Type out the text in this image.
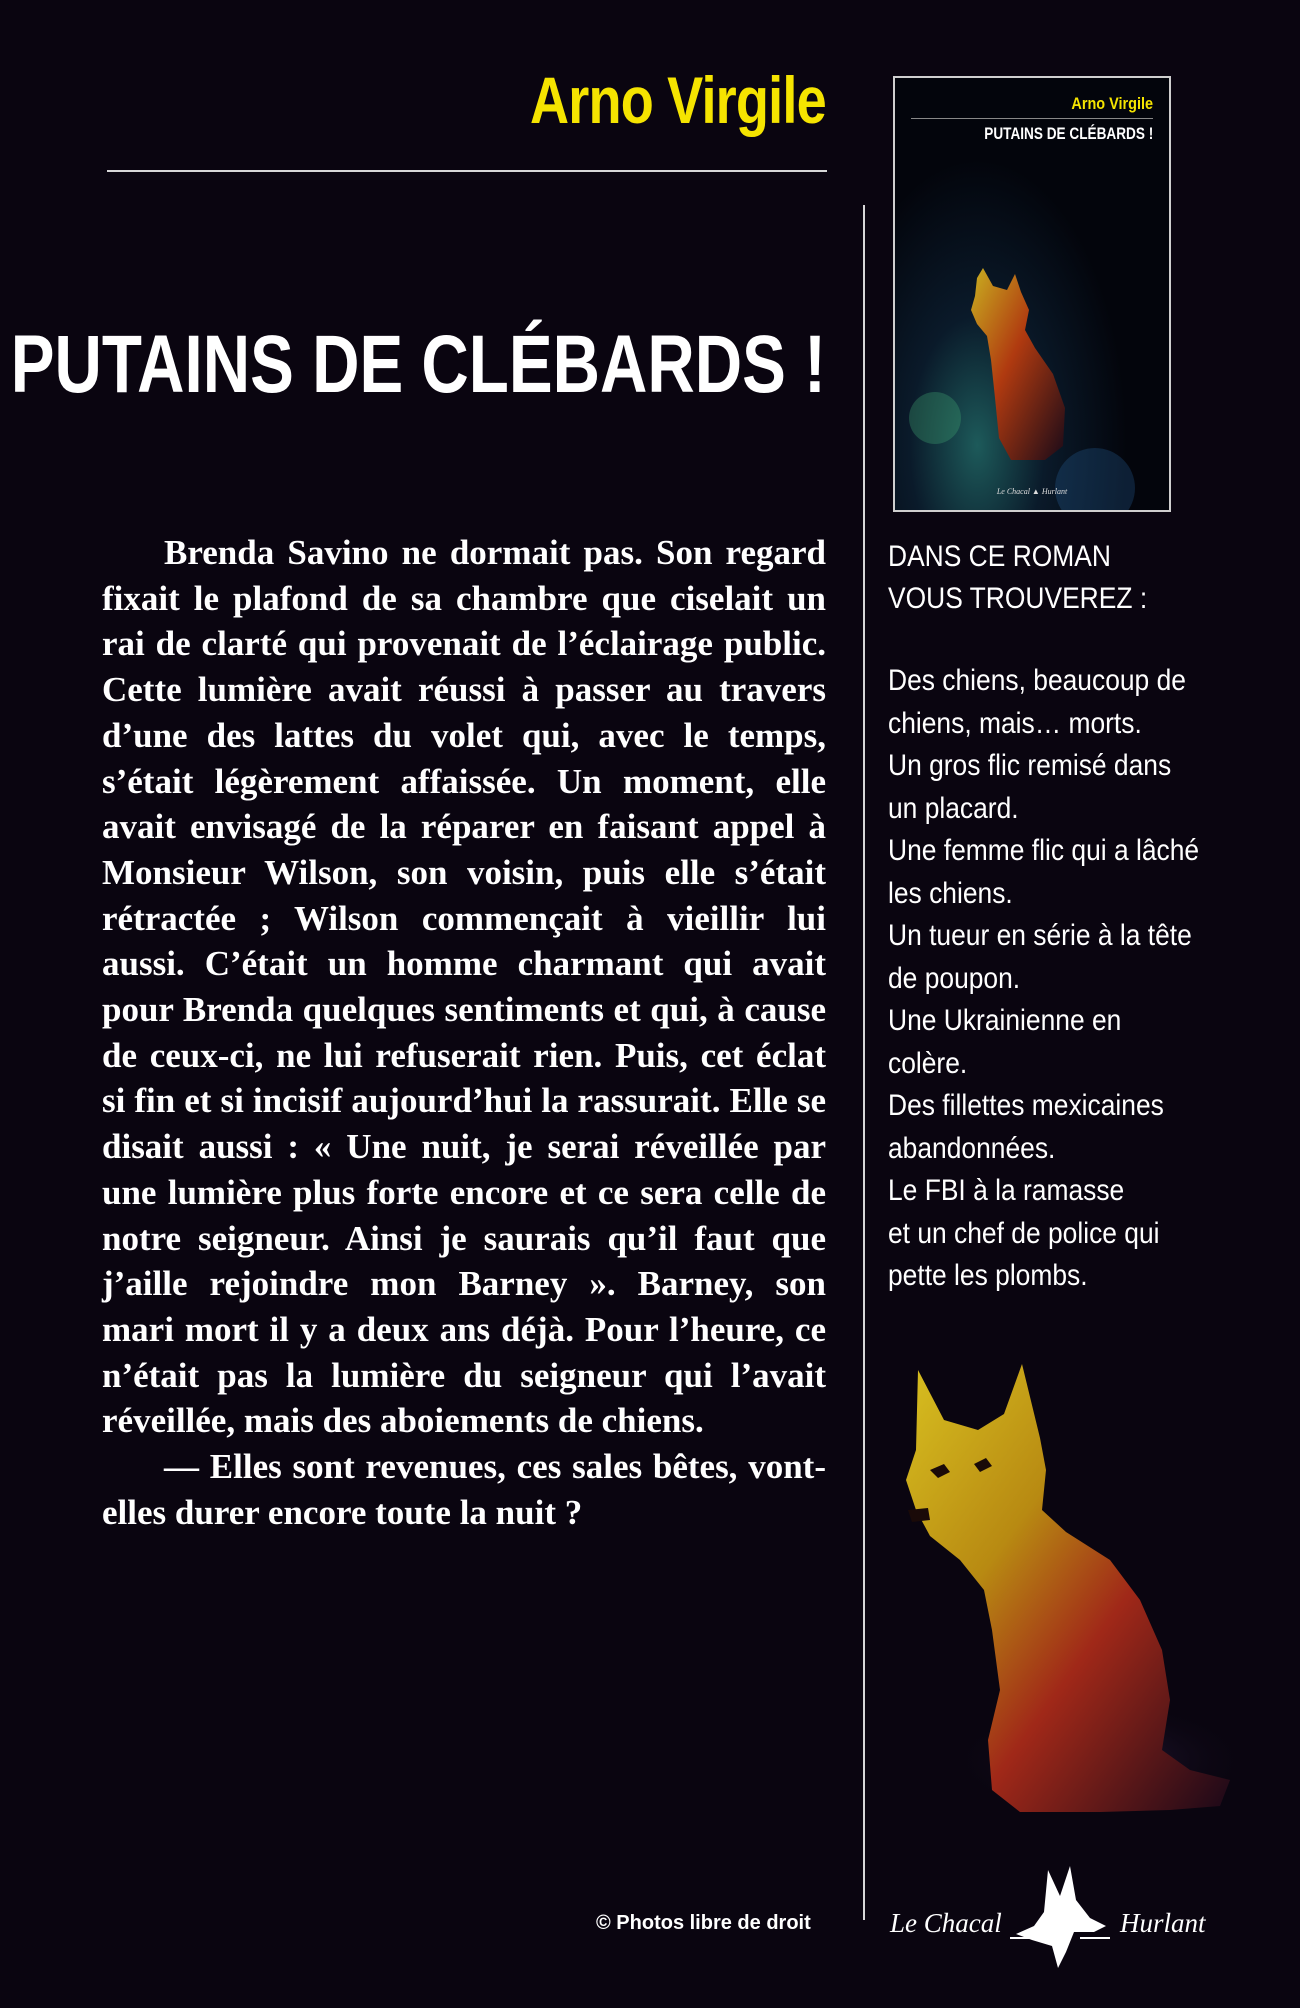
Arno Virgile
PUTAINS DE CLÉBARDS !

Brenda Savino ne dormait pas. Son regard fixait le plafond de sa chambre que ciselait un rai de clarté qui provenait de l’éclairage public. Cette lumière avait réussi à passer au travers d’une des lattes du volet qui, avec le temps, s’était légèrement affaissée. Un moment, elle avait envisagé de la réparer en faisant appel à Monsieur Wilson, son voisin, puis elle s’était rétractée ; Wilson commençait à vieillir lui aussi. C’était un homme charmant qui avait pour Brenda quelques sentiments et qui, à cause de ceux-ci, ne lui refuserait rien. Puis, cet éclat si fin et si incisif aujourd’hui la rassurait. Elle se disait aussi : « Une nuit, je serai réveillée par une lumière plus forte encore et ce sera celle de notre seigneur. Ainsi je saurais qu’il faut que j’aille rejoindre mon Barney ». Barney, son mari mort il y a deux ans déjà. Pour l’heure, ce n’était pas la lumière du seigneur qui l’avait réveillée, mais des aboiements de chiens.

— Elles sont revenues, ces sales bêtes, vont-elles durer encore toute la nuit ?

Arno Virgile
PUTAINS DE CLÉBARDS !
Le Chacal ▲ Hurlant
DANS CE ROMAN
VOUS TROUVEREZ :
Des chiens, beaucoup de
chiens, mais… morts.
Un gros flic remisé dans
un placard.
Une femme flic qui a lâché
les chiens.
Un tueur en série à la tête
de poupon.
Une Ukrainienne en
colère.
Des fillettes mexicaines
abandonnées.
Le FBI à la ramasse
et un chef de police qui
pette les plombs.
© Photos libre de droit	Le Chacal	Hurlant
